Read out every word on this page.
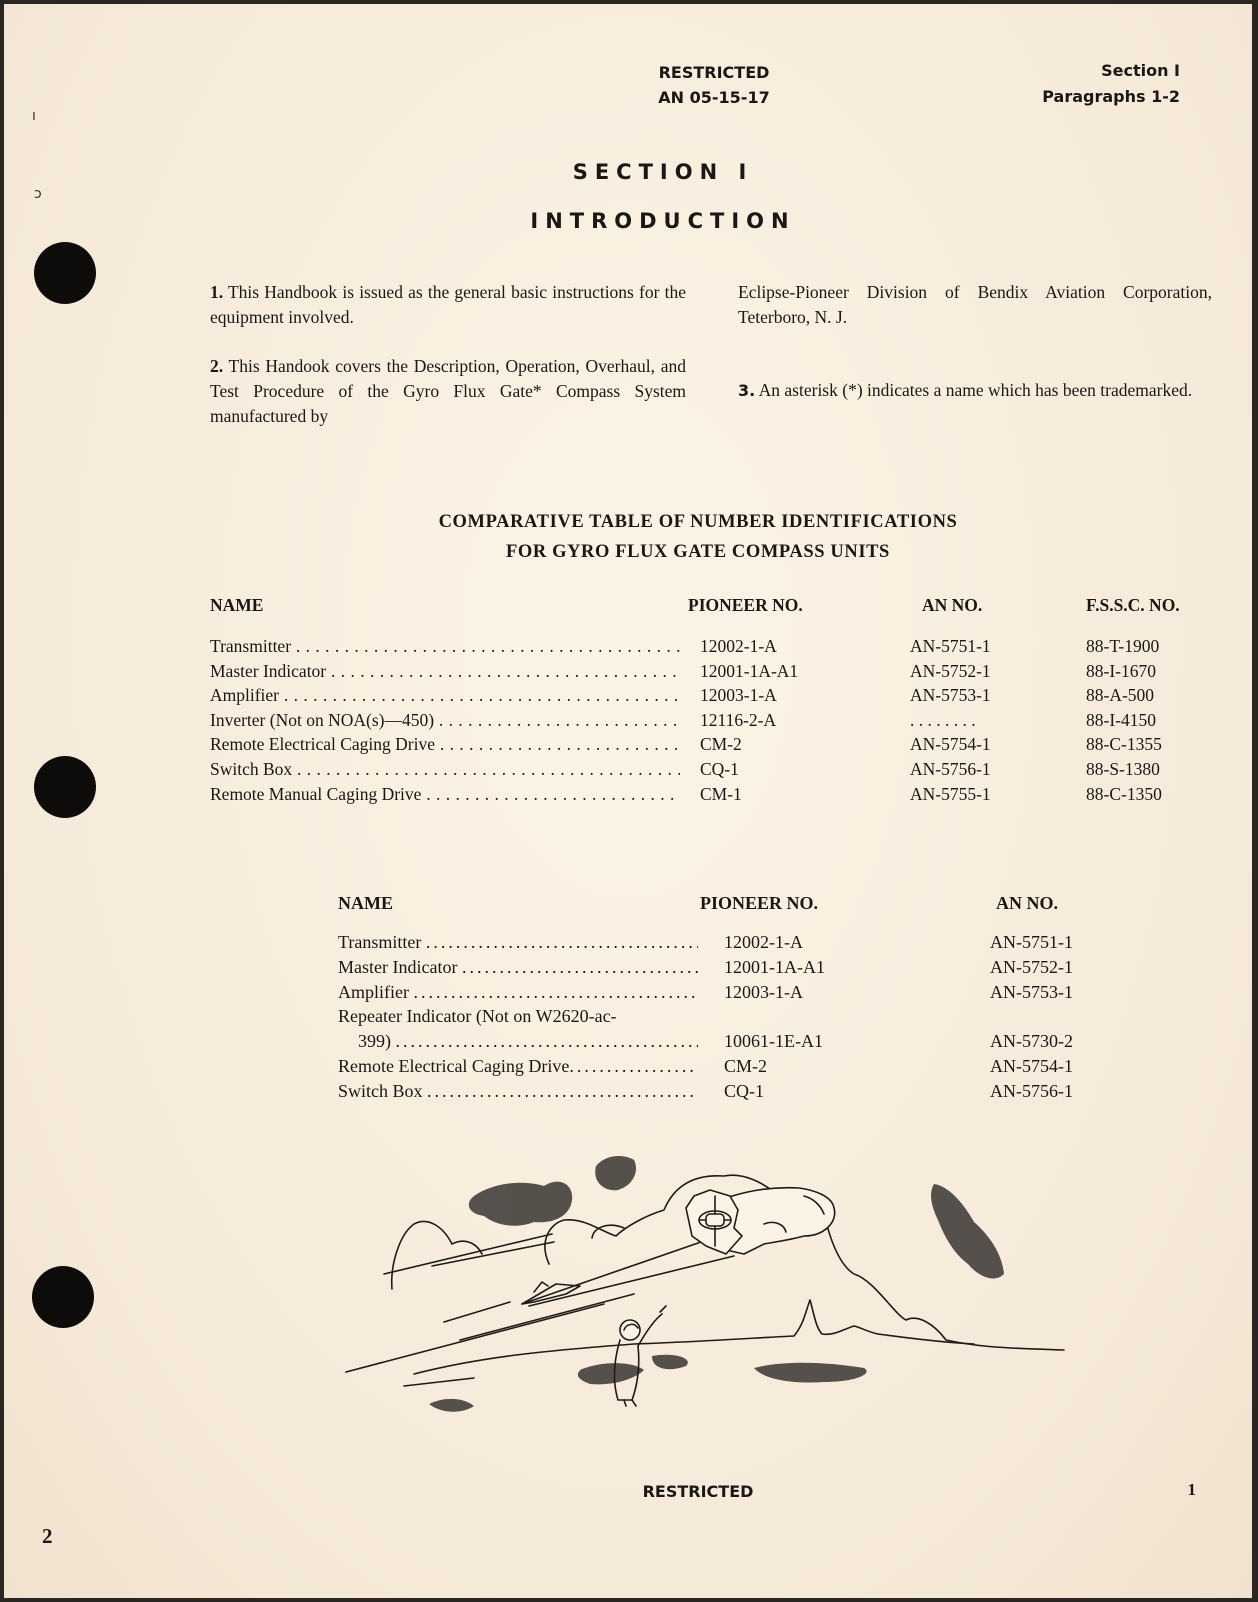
ı
ɔ
RESTRICTED
AN 05-15-17
Section I
Paragraphs 1-2
SECTION I
INTRODUCTION

1. This Handbook is issued as the general basic instructions for the equipment involved.

2. This Handook covers the Description, Operation, Overhaul, and Test Procedure of the Gyro Flux Gate* Compass System manufactured by

Eclipse-Pioneer Division of Bendix Aviation Corporation, Teterboro, N. J.

3. An asterisk (*) indicates a name which has been trademarked.

COMPARATIVE TABLE OF NUMBER IDENTIFICATIONS
FOR GYRO FLUX GATE COMPASS UNITS
NAME	PIONEER NO.	AN NO.	F.S.S.C. NO.
Transmitter . . .	12002-1-A	AN-5751-1	88-T-1900
Master Indicator . . .	12001-1A-A1	AN-5752-1	88-I-1670
Amplifier . . .	12003-1-A	AN-5753-1	88-A-500
Inverter (Not on NOA(s)—450) . . .	12116-2-A	. . . . . . . .	88-I-4150
Remote Electrical Caging Drive . . .	CM-2	AN-5754-1	88-C-1355
Switch Box . . .	CQ-1	AN-5756-1	88-S-1380
Remote Manual Caging Drive . . .	CM-1	AN-5755-1	88-C-1350
NAME	PIONEER NO.	AN NO.
Transmitter .....	12002-1-A	AN-5751-1
Master Indicator .....	12001-1A-A1	AN-5752-1
Amplifier .....	12003-1-A	AN-5753-1
Repeater Indicator (Not on W2620-ac-
399) .....	10061-1E-A1	AN-5730-2
Remote Electrical Caging Drive .....	CM-2	AN-5754-1
Switch Box .....	CQ-1	AN-5756-1
RESTRICTED	1
2
